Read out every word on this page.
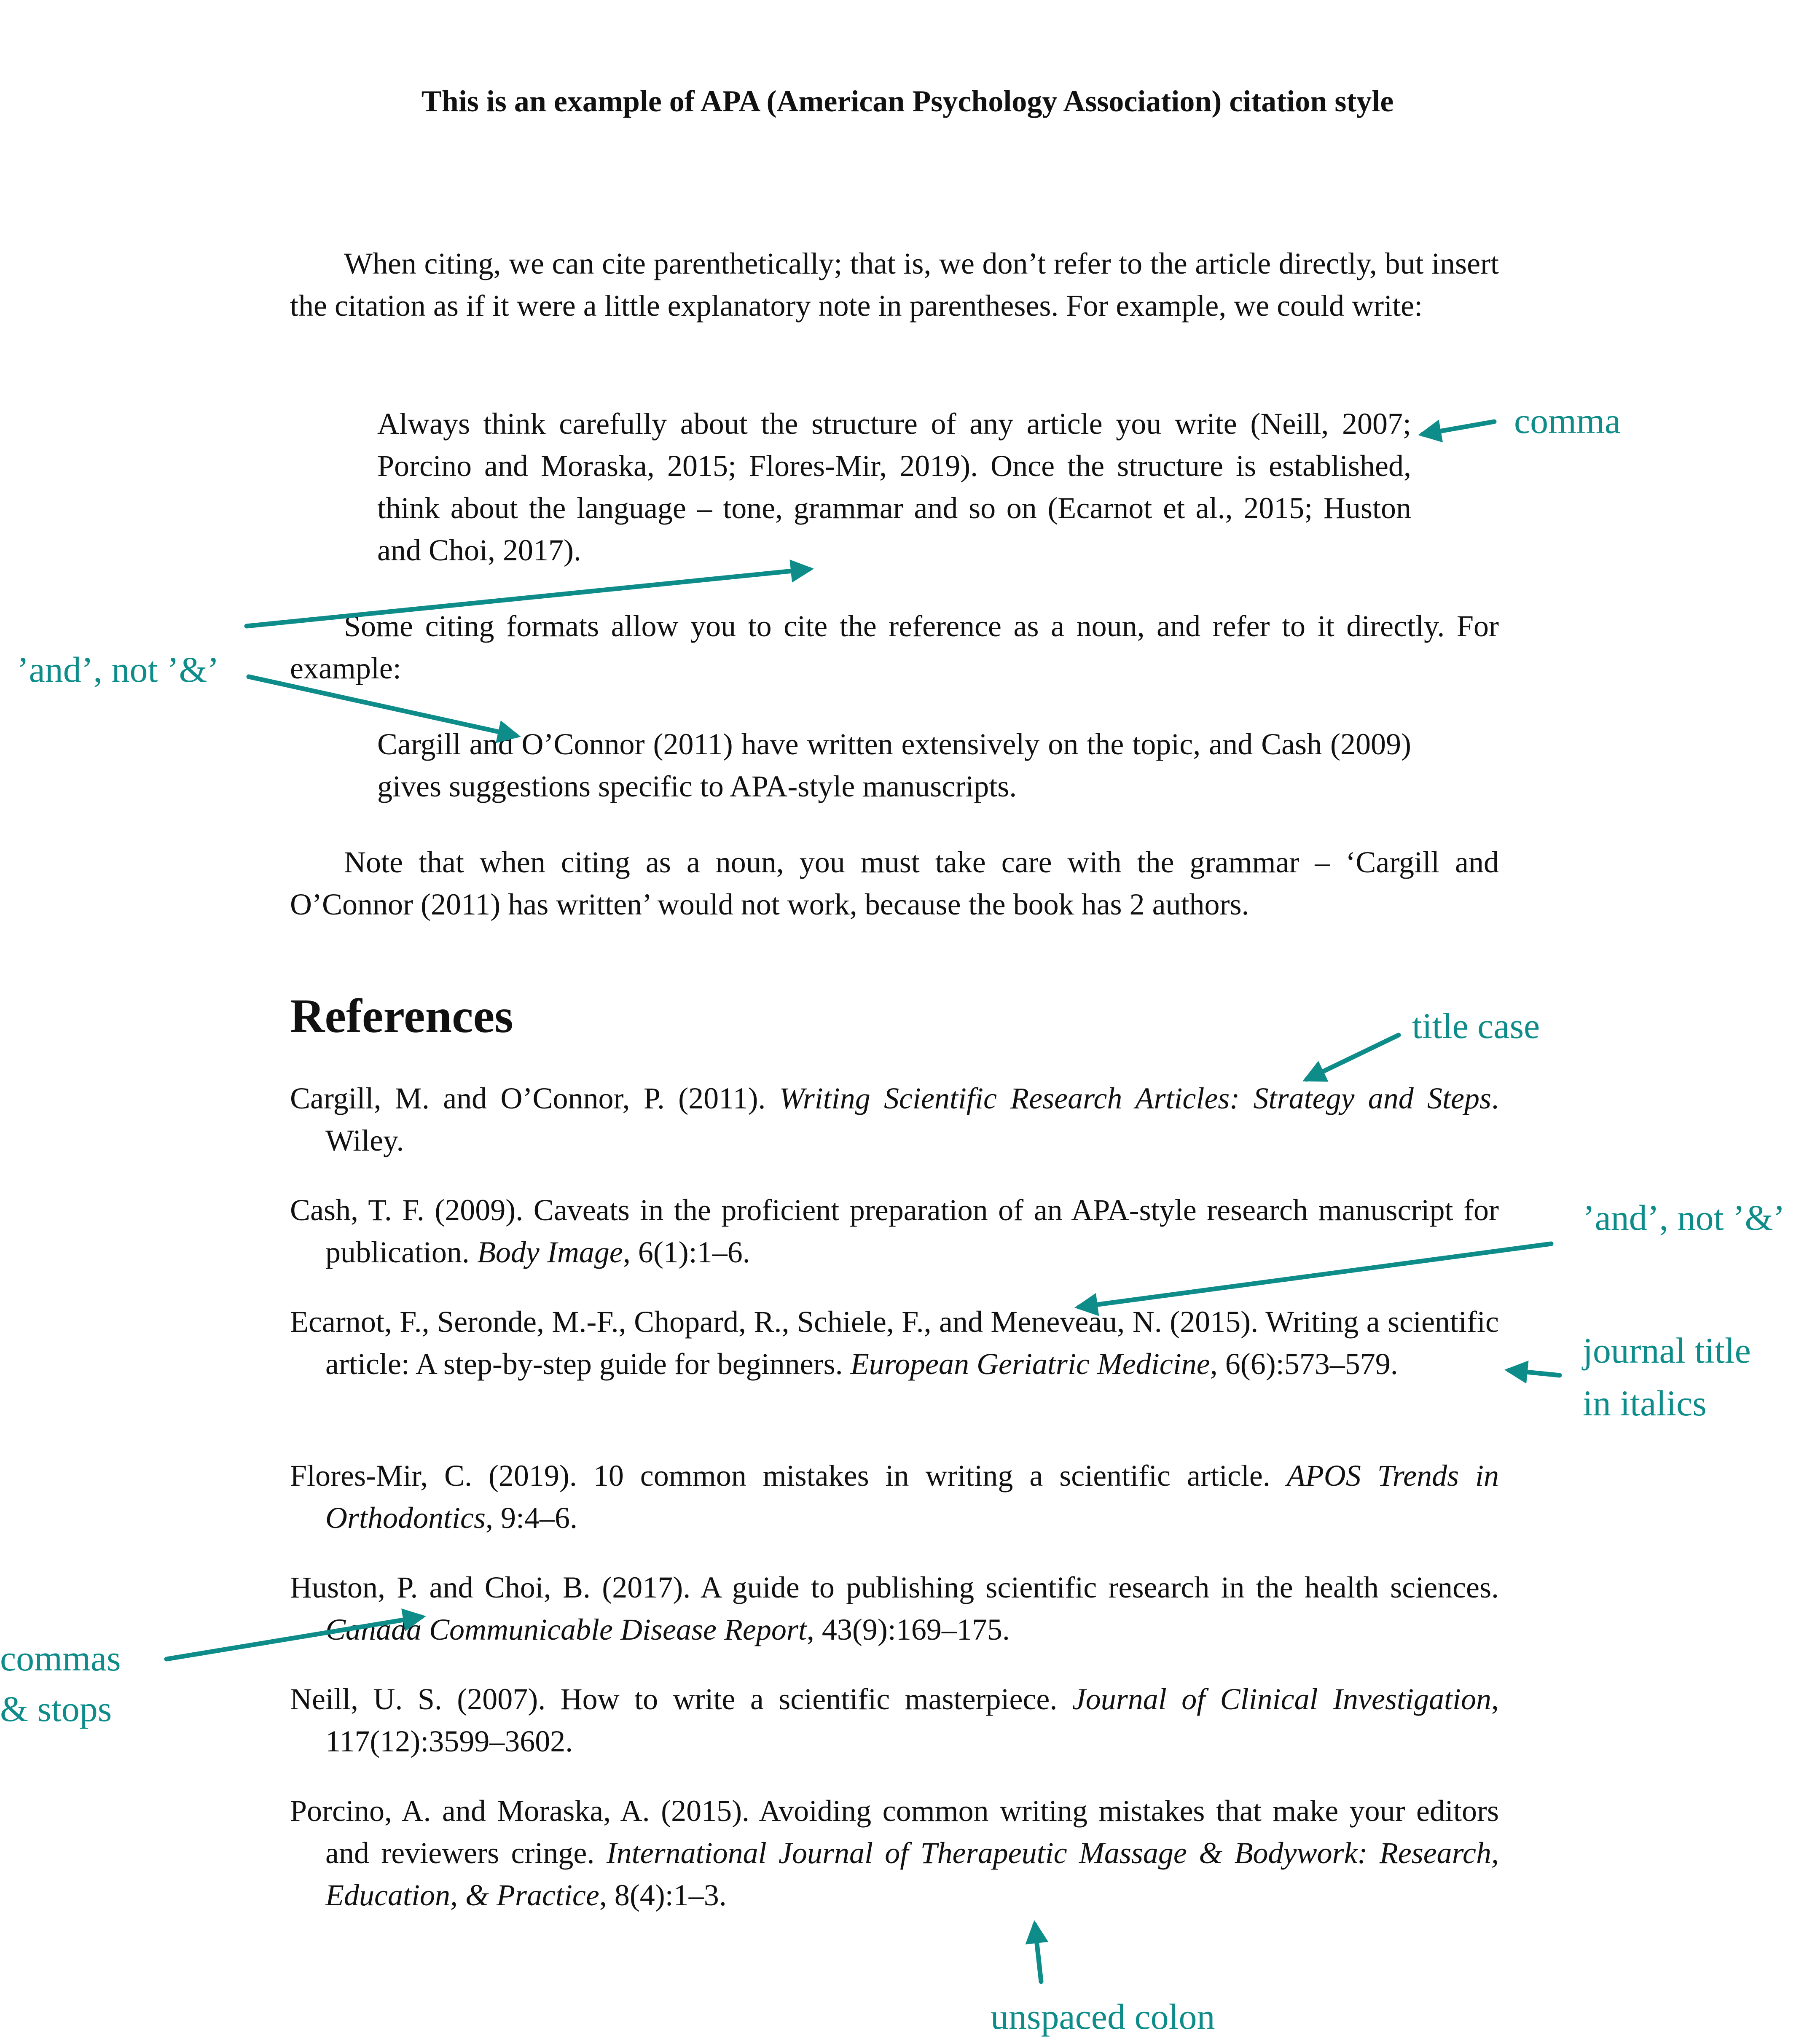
This is an example of APA (American Psychology Association) citation style

When citing, we can cite parenthetically; that is, we don’t refer to the article directly, but insert the citation as if it were a little explanatory note in parentheses. For example, we could write:

Always think carefully about the structure of any article you write (Neill, 2007; Porcino and Moraska, 2015; Flores-Mir, 2019). Once the structure is established, think about the language – tone, grammar and so on (Ecarnot et al., 2015; Huston and Choi, 2017).

Some citing formats allow you to cite the reference as a noun, and refer to it directly. For example:

Cargill and O’Connor (2011) have written extensively on the topic, and Cash (2009) gives suggestions specific to APA-style manuscripts.

Note that when citing as a noun, you must take care with the grammar – ‘Cargill and O’Connor (2011) has written’ would not work, because the book has 2 authors.

References

Cargill, M. and O’Connor, P. (2011). Writing Scientific Research Articles: Strategy and Steps. Wiley.

Cash, T. F. (2009). Caveats in the proficient preparation of an APA-style research manuscript for publication. Body Image, 6(1):1–6.

Ecarnot, F., Seronde, M.-F., Chopard, R., Schiele, F., and Meneveau, N. (2015). Writing a scientific article: A step-by-step guide for beginners. European Geriatric Medicine, 6(6):573–579.

Flores-Mir, C. (2019). 10 common mistakes in writing a scientific article. APOS Trends in Orthodontics, 9:4–6.

Huston, P. and Choi, B. (2017). A guide to publishing scientific research in the health sciences. Canada Communicable Disease Report, 43(9):169–175.

Neill, U. S. (2007). How to write a scientific masterpiece. Journal of Clinical Investigation, 117(12):3599–3602.

Porcino, A. and Moraska, A. (2015). Avoiding common writing mistakes that make your editors and reviewers cringe. International Journal of Therapeutic Massage & Bodywork: Research, Education, & Practice, 8(4):1–3.

comma
’and’, not ’&’
title case
’and’, not ’&’
journal title
in italics
commas
& stops
unspaced colon
